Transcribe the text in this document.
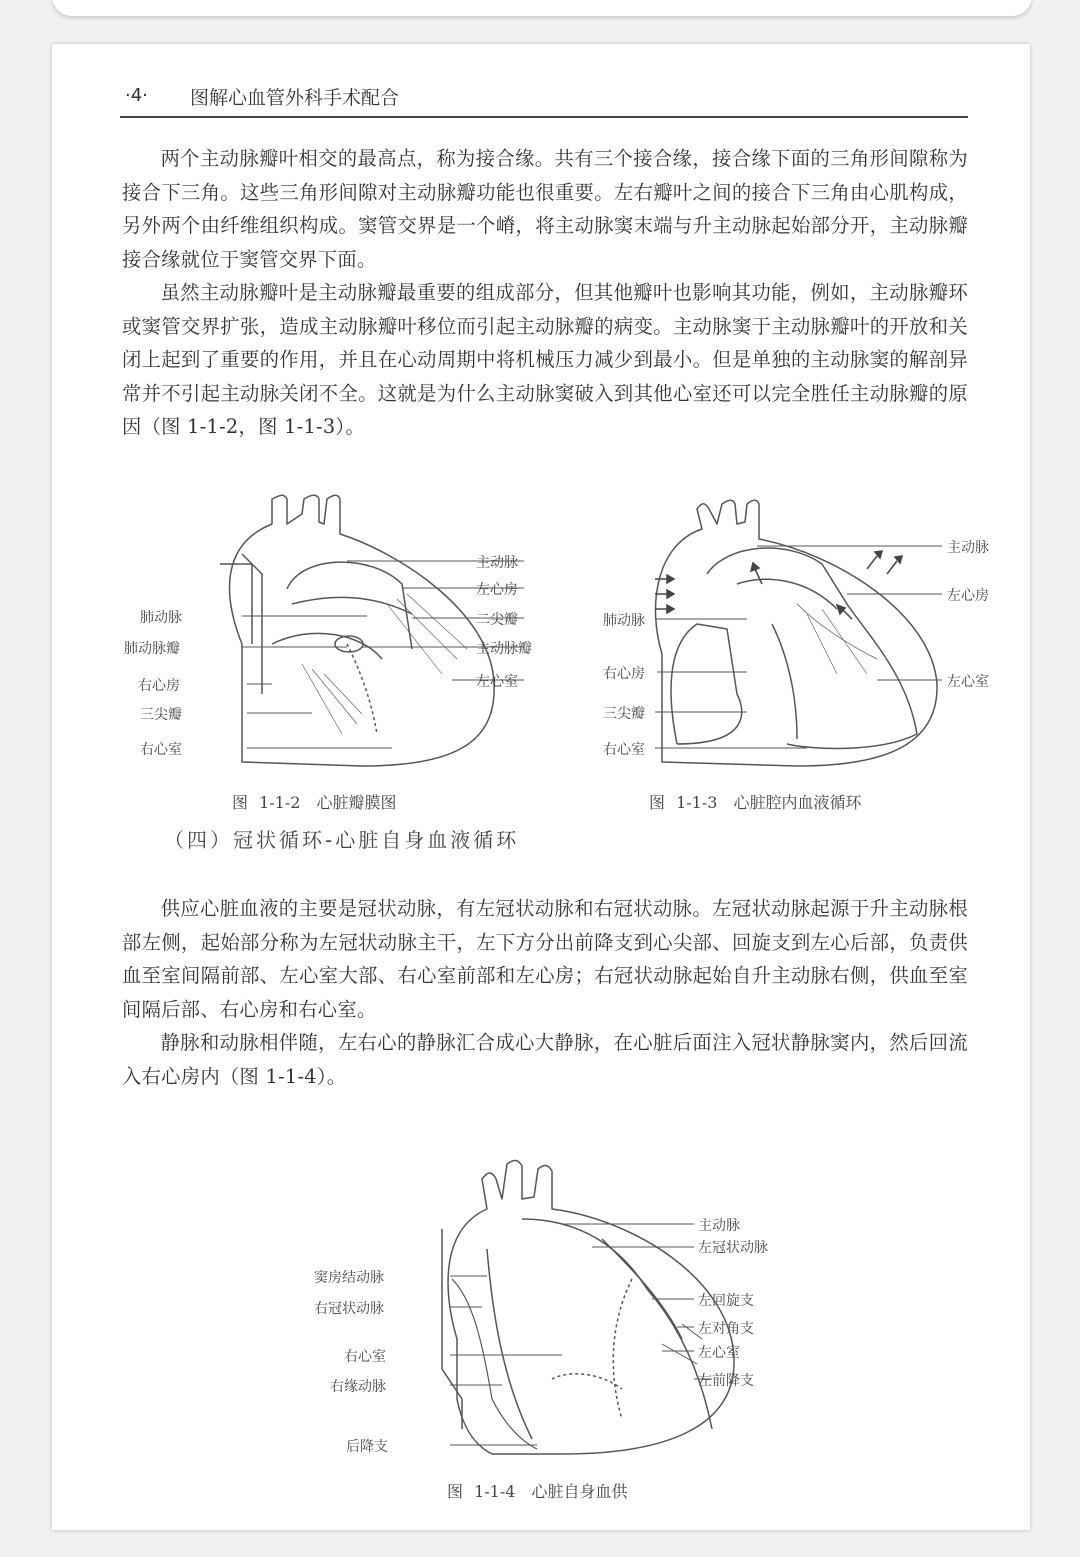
·4· 图解心血管外科手术配合

两个主动脉瓣叶相交的最高点，称为接合缘。共有三个接合缘，接合缘下面的三角形间隙称为接合下三角。这些三角形间隙对主动脉瓣功能也很重要。左右瓣叶之间的接合下三角由心肌构成，另外两个由纤维组织构成。窦管交界是一个嵴，将主动脉窦末端与升主动脉起始部分开，主动脉瓣接合缘就位于窦管交界下面。

虽然主动脉瓣叶是主动脉瓣最重要的组成部分，但其他瓣叶也影响其功能，例如，主动脉瓣环或窦管交界扩张，造成主动脉瓣叶移位而引起主动脉瓣的病变。主动脉窦于主动脉瓣叶的开放和关闭上起到了重要的作用，并且在心动周期中将机械压力减少到最小。但是单独的主动脉窦的解剖异常并不引起主动脉关闭不全。这就是为什么主动脉窦破入到其他心室还可以完全胜任主动脉瓣的原因（图 1-1-2，图 1-1-3）。

肺动脉
肺动脉瓣
右心房
三尖瓣
右心室
主动脉
左心房
二尖瓣
主动脉瓣
左心室
图 1-1-2　心脏瓣膜图
肺动脉
右心房
三尖瓣
右心室
主动脉
左心房
左心室
图 1-1-3　心脏腔内血液循环
（四）冠状循环-心脏自身血液循环

供应心脏血液的主要是冠状动脉，有左冠状动脉和右冠状动脉。左冠状动脉起源于升主动脉根部左侧，起始部分称为左冠状动脉主干，左下方分出前降支到心尖部、回旋支到左心后部，负责供血至室间隔前部、左心室大部、右心室前部和左心房；右冠状动脉起始自升主动脉右侧，供血至室间隔后部、右心房和右心室。

静脉和动脉相伴随，左右心的静脉汇合成心大静脉，在心脏后面注入冠状静脉窦内，然后回流入右心房内（图 1-1-4）。

窦房结动脉
右冠状动脉
右心室
右缘动脉
后降支
主动脉
左冠状动脉
左回旋支
左对角支
左心室
左前降支
图 1-1-4　心脏自身血供
